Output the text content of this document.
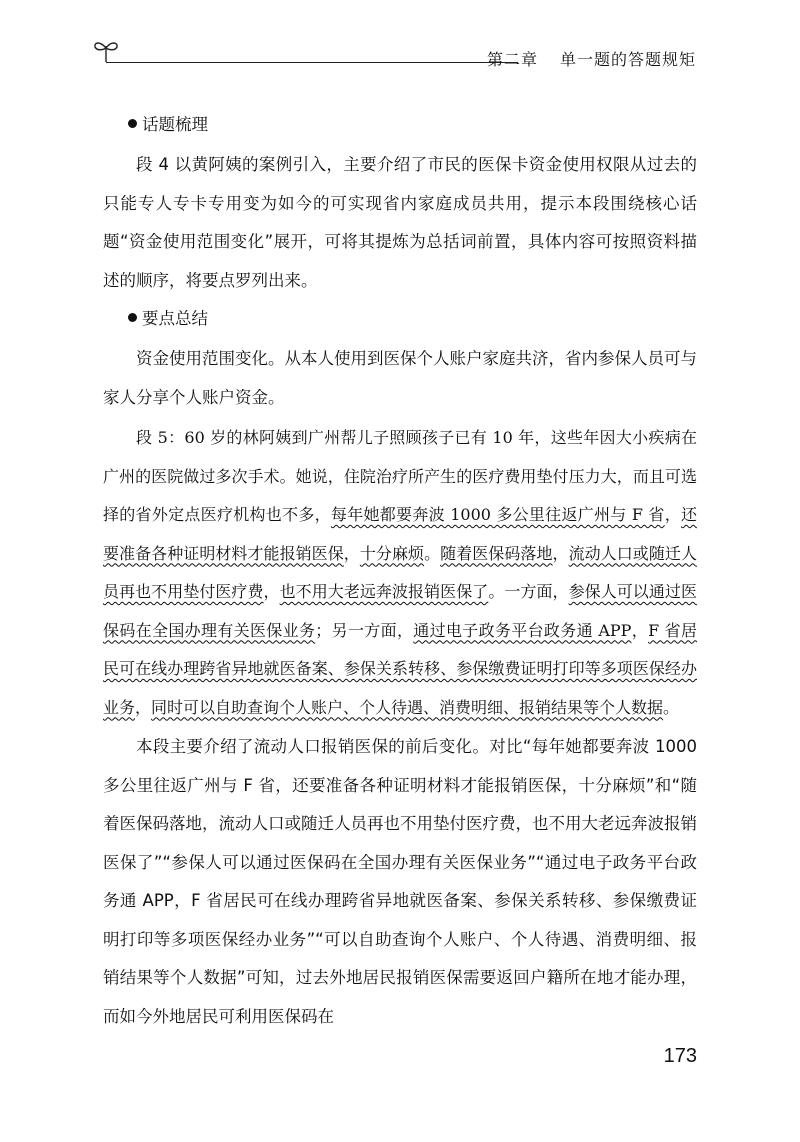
第二章 单一题的答题规矩

话题梳理

段 4 以黄阿姨的案例引入，主要介绍了市民的医保卡资金使用权限从过去的只能专人专卡专用变为如今的可实现省内家庭成员共用，提示本段围绕核心话题“资金使用范围变化”展开，可将其提炼为总括词前置，具体内容可按照资料描述的顺序，将要点罗列出来。

要点总结

资金使用范围变化。从本人使用到医保个人账户家庭共济，省内参保人员可与家人分享个人账户资金。

段 5：60 岁的林阿姨到广州帮儿子照顾孩子已有 10 年，这些年因大小疾病在广州的医院做过多次手术。她说，住院治疗所产生的医疗费用垫付压力大，而且可选择的省外定点医疗机构也不多，每年她都要奔波 1000 多公里往返广州与 F 省，还要准备各种证明材料才能报销医保，十分麻烦。随着医保码落地，流动人口或随迁人员再也不用垫付医疗费，也不用大老远奔波报销医保了。一方面，参保人可以通过医保码在全国办理有关医保业务；另一方面，通过电子政务平台政务通 APP，F 省居民可在线办理跨省异地就医备案、参保关系转移、参保缴费证明打印等多项医保经办业务，同时可以自助查询个人账户、个人待遇、消费明细、报销结果等个人数据。

本段主要介绍了流动人口报销医保的前后变化。对比“每年她都要奔波 1000 多公里往返广州与 F 省，还要准备各种证明材料才能报销医保，十分麻烦”和“随着医保码落地，流动人口或随迁人员再也不用垫付医疗费，也不用大老远奔波报销医保了”“参保人可以通过医保码在全国办理有关医保业务”“通过电子政务平台政务通 APP，F 省居民可在线办理跨省异地就医备案、参保关系转移、参保缴费证明打印等多项医保经办业务”“可以自助查询个人账户、个人待遇、消费明细、报销结果等个人数据”可知，过去外地居民报销医保需要返回户籍所在地才能办理，而如今外地居民可利用医保码在

173
